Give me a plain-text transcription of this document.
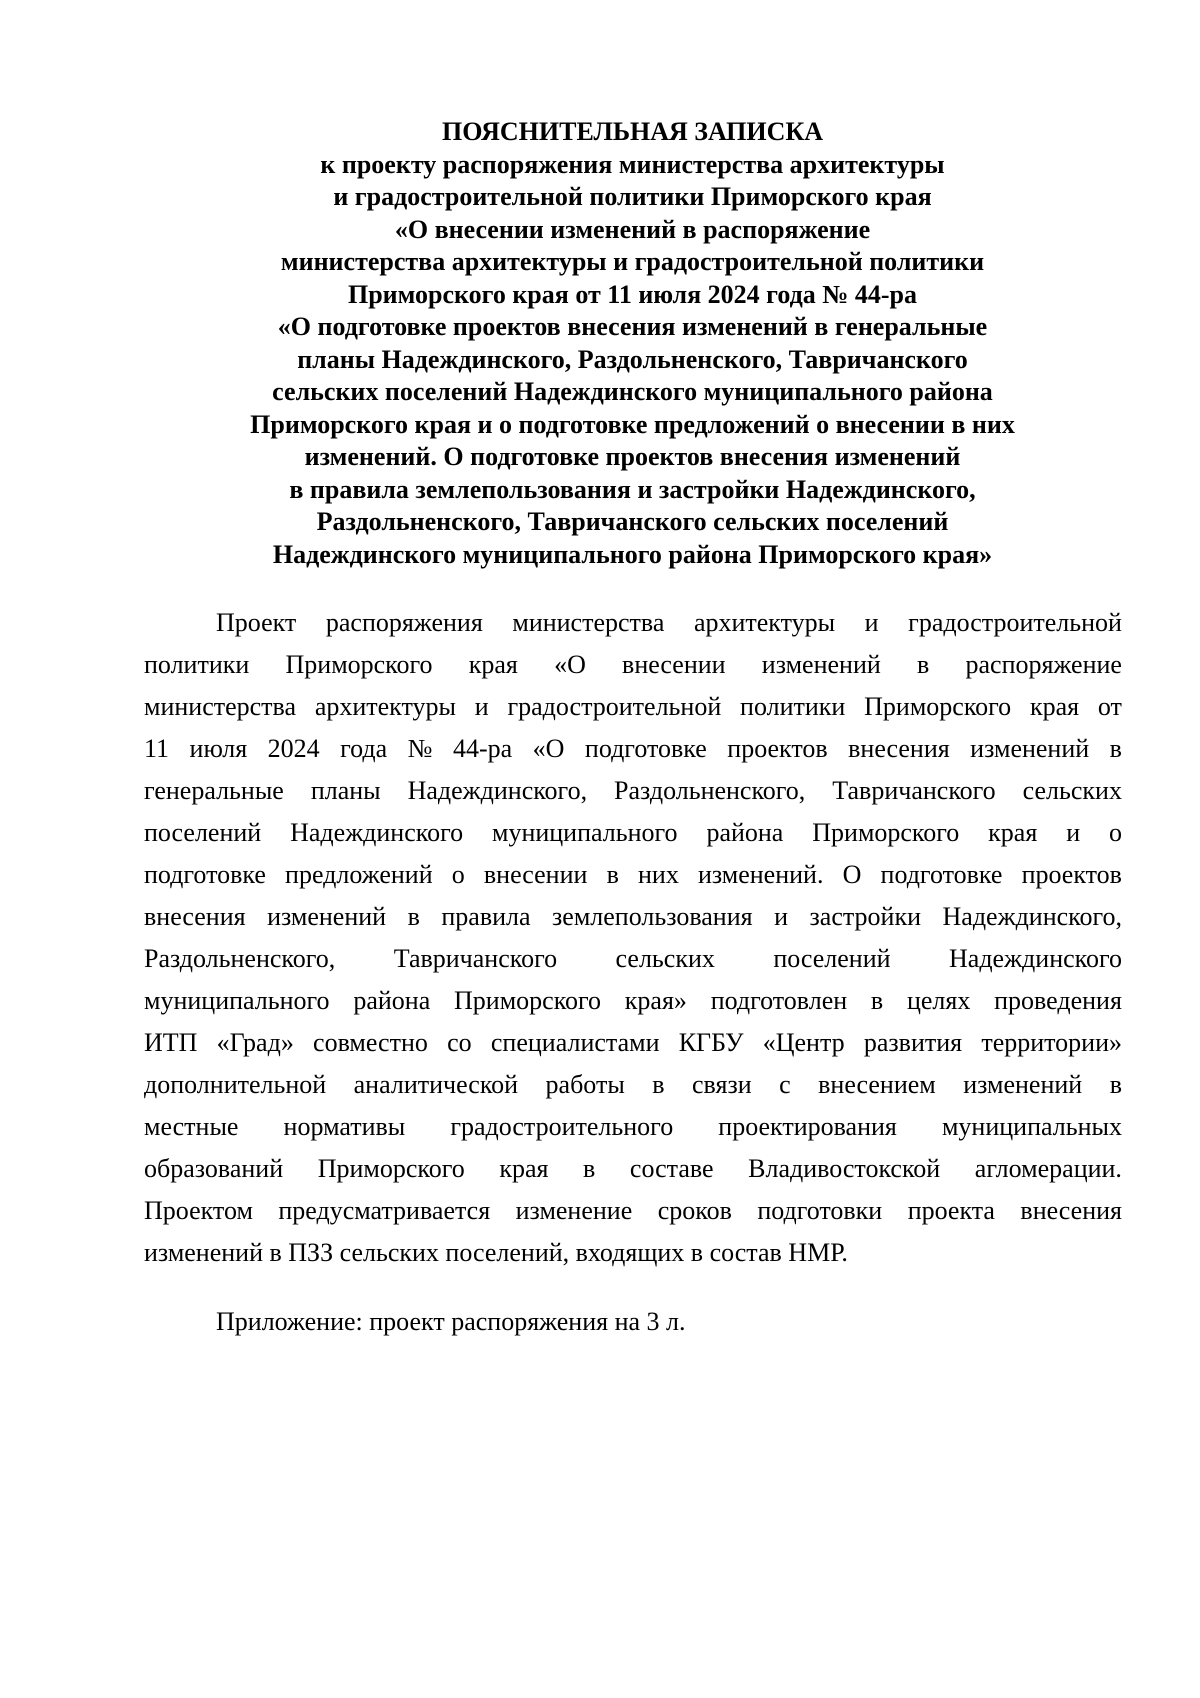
ПОЯСНИТЕЛЬНАЯ ЗАПИСКА
к проекту распоряжения министерства архитектуры
и градостроительной политики Приморского края
«О внесении изменений в распоряжение
министерства архитектуры и градостроительной политики
Приморского края от 11 июля 2024 года № 44-ра
«О подготовке проектов внесения изменений в генеральные
планы Надеждинского, Раздольненского, Тавричанского
сельских поселений Надеждинского муниципального района
Приморского края и о подготовке предложений о внесении в них
изменений. О подготовке проектов внесения изменений
в правила землепользования и застройки Надеждинского,
Раздольненского, Тавричанского сельских поселений
Надеждинского муниципального района Приморского края»
Проект распоряжения министерства архитектуры и градостроительной
политики Приморского края «О внесении изменений в распоряжение
министерства архитектуры и градостроительной политики Приморского края от
11 июля 2024 года № 44-ра «О подготовке проектов внесения изменений в
генеральные планы Надеждинского, Раздольненского, Тавричанского сельских
поселений Надеждинского муниципального района Приморского края и о
подготовке предложений о внесении в них изменений. О подготовке проектов
внесения изменений в правила землепользования и застройки Надеждинского,
Раздольненского, Тавричанского сельских поселений Надеждинского
муниципального района Приморского края» подготовлен в целях проведения
ИТП «Град» совместно со специалистами КГБУ «Центр развития территории»
дополнительной аналитической работы в связи с внесением изменений в
местные нормативы градостроительного проектирования муниципальных
образований Приморского края в составе Владивостокской агломерации.
Проектом предусматривается изменение сроков подготовки проекта внесения
изменений в ПЗЗ сельских поселений, входящих в состав НМР.
Приложение: проект распоряжения на 3 л.
